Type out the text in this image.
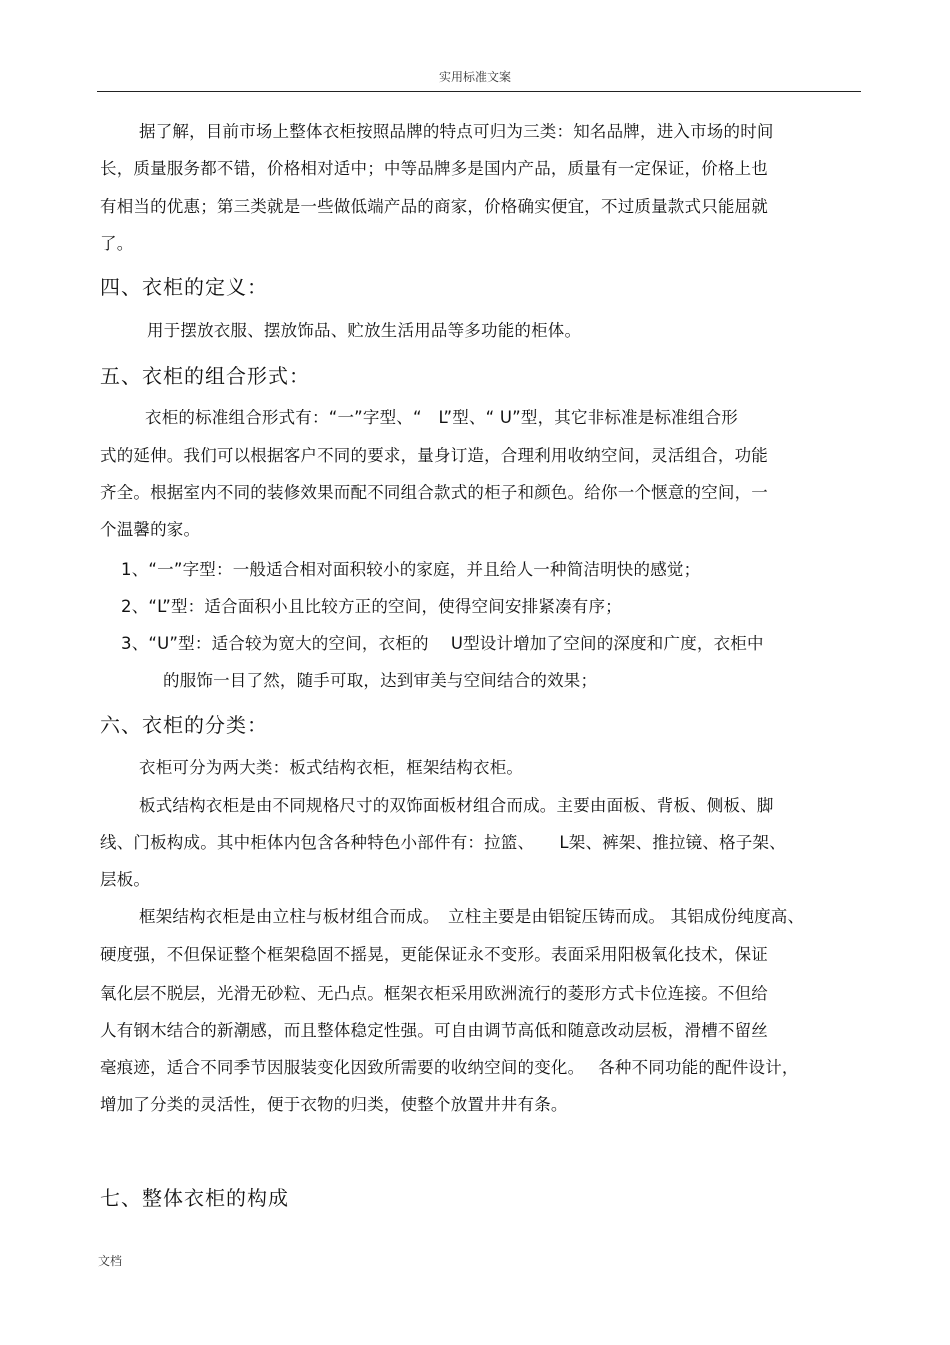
实用标准文案

据了解，目前市场上整体衣柜按照品牌的特点可归为三类：知名品牌，进入市场的时间

长，质量服务都不错，价格相对适中；中等品牌多是国内产品，质量有一定保证，价格上也

有相当的优惠；第三类就是一些做低端产品的商家，价格确实便宜，不过质量款式只能屈就

了。

四、衣柜的定义：

用于摆放衣服、摆放饰品、贮放生活用品等多功能的柜体。

五、衣柜的组合形式：

衣柜的标准组合形式有：“一”字型、“　L”型、“ U”型，其它非标准是标准组合形

式的延伸。我们可以根据客户不同的要求，量身订造，合理利用收纳空间，灵活组合，功能

齐全。根据室内不同的装修效果而配不同组合款式的柜子和颜色。给你一个惬意的空间，一

个温馨的家。

1、“一”字型：一般适合相对面积较小的家庭，并且给人一种简洁明快的感觉；

2、“L”型：适合面积小且比较方正的空间，使得空间安排紧凑有序；

3、“U”型：适合较为宽大的空间，衣柜的　 U型设计增加了空间的深度和广度，衣柜中

的服饰一目了然，随手可取，达到审美与空间结合的效果；

六、衣柜的分类：

衣柜可分为两大类：板式结构衣柜，框架结构衣柜。

板式结构衣柜是由不同规格尺寸的双饰面板材组合而成。主要由面板、背板、侧板、脚

线、门板构成。其中柜体内包含各种特色小部件有：拉篮、　　L架、裤架、推拉镜、格子架、

层板。

框架结构衣柜是由立柱与板材组合而成。　立柱主要是由铝锭压铸而成。 其铝成份纯度高、

硬度强，不但保证整个框架稳固不摇晃，更能保证永不变形。表面采用阳极氧化技术，保证

氧化层不脱层，光滑无砂粒、无凸点。框架衣柜采用欧洲流行的菱形方式卡位连接。不但给

人有钢木结合的新潮感，而且整体稳定性强。可自由调节高低和随意改动层板，滑槽不留丝

毫痕迹，适合不同季节因服装变化因致所需要的收纳空间的变化。　 各种不同功能的配件设计，

增加了分类的灵活性，便于衣物的归类，使整个放置井井有条。

七、整体衣柜的构成
文档
